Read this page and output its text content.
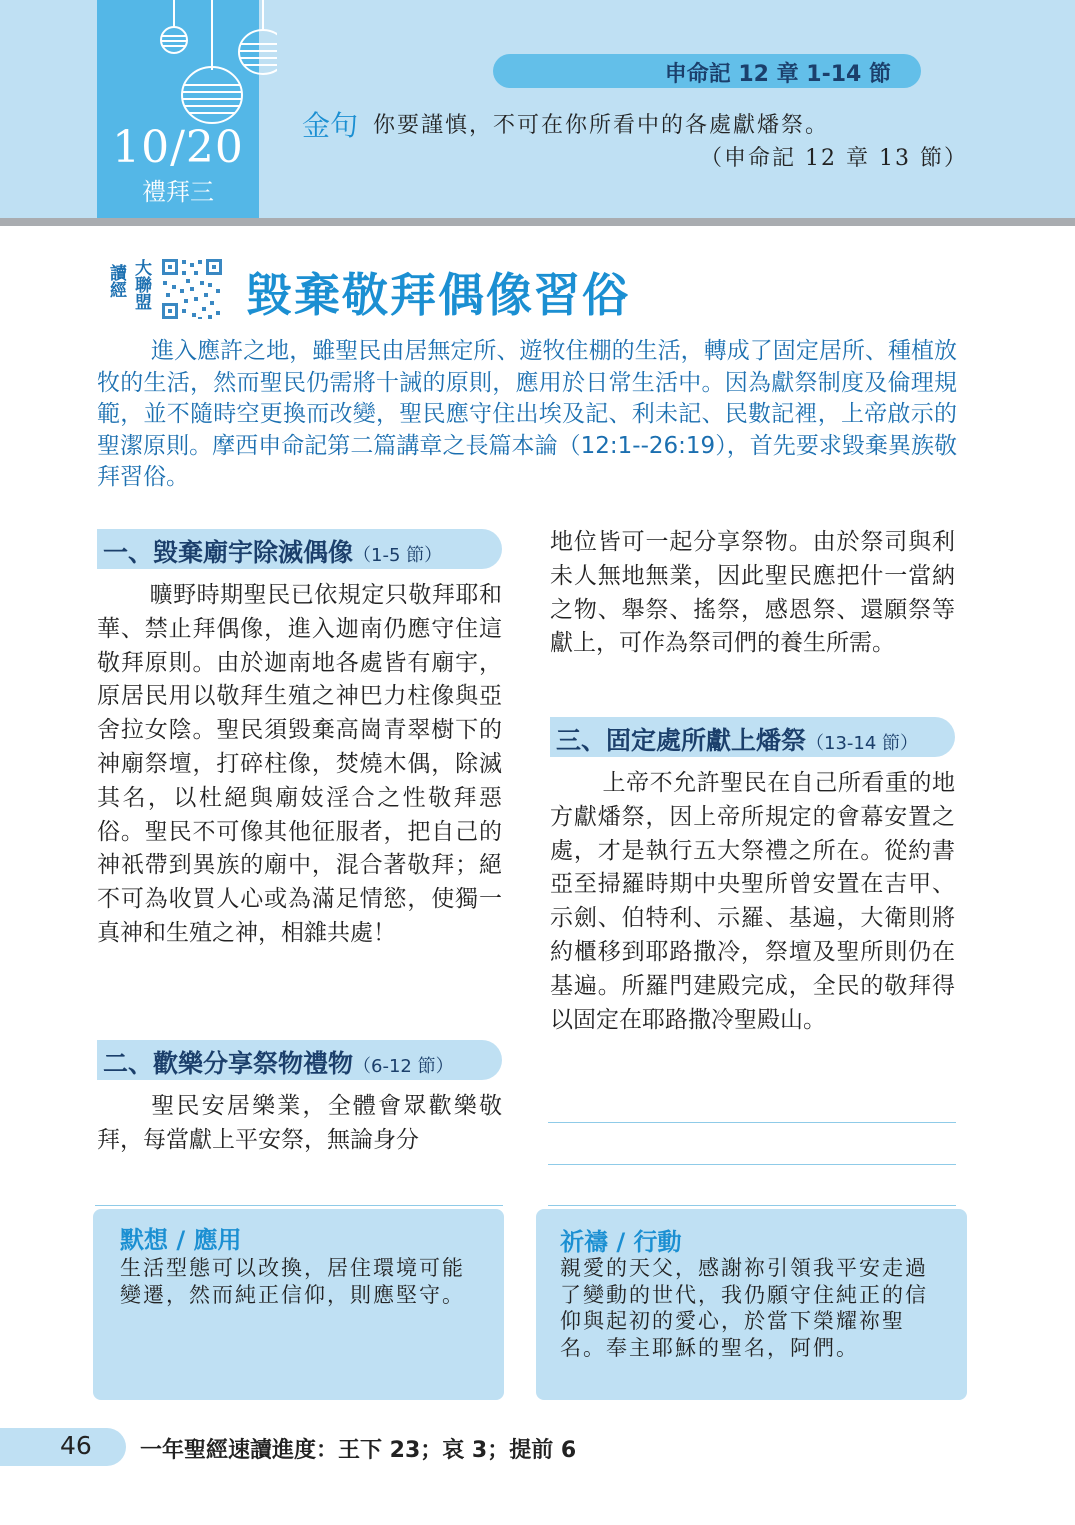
10/20
禮拜三
申命記 12 章 1-14 節
金句 你要謹慎，不可在你所看中的各處獻燔祭。
（申命記 12 章 13 節）
大聯盟
讀經	毀棄敬拜偶像習俗
進入應許之地，雖聖民由居無定所、遊牧住棚的生活，轉成了固定居所、種植放牧的生活，然而聖民仍需將十誡的原則，應用於日常生活中。因為獻祭制度及倫理規範，並不隨時空更換而改變，聖民應守住出埃及記、利未記、民數記裡，上帝啟示的聖潔原則。摩西申命記第二篇講章之長篇本論（12:1--26:19），首先要求毀棄異族敬拜習俗。
一、毀棄廟宇除滅偶像（1-5 節）

曠野時期聖民已依規定只敬拜耶和華、禁止拜偶像，進入迦南仍應守住這敬拜原則。由於迦南地各處皆有廟宇，原居民用以敬拜生殖之神巴力柱像與亞舍拉女陰。聖民須毀棄高崗青翠樹下的神廟祭壇，打碎柱像，焚燒木偶，除滅其名，以杜絕與廟妓淫合之性敬拜惡俗。聖民不可像其他征服者，把自己的神祇帶到異族的廟中，混合著敬拜；絕不可為收買人心或為滿足情慾，使獨一真神和生殖之神，相雜共處！

二、歡樂分享祭物禮物（6-12 節）

聖民安居樂業，全體會眾歡樂敬拜，每當獻上平安祭，無論身分

地位皆可一起分享祭物。由於祭司與利未人無地無業，因此聖民應把什一當納之物、舉祭、搖祭，感恩祭、還願祭等獻上，可作為祭司們的養生所需。

三、固定處所獻上燔祭（13-14 節）

上帝不允許聖民在自己所看重的地方獻燔祭，因上帝所規定的會幕安置之處，才是執行五大祭禮之所在。從約書亞至掃羅時期中央聖所曾安置在吉甲、示劍、伯特利、示羅、基遍，大衛則將約櫃移到耶路撒冷，祭壇及聖所則仍在基遍。所羅門建殿完成，全民的敬拜得以固定在耶路撒冷聖殿山。

默想 / 應用
生活型態可以改換，居住環境可能變遷，然而純正信仰，則應堅守。
祈禱 / 行動
親愛的天父，感謝祢引領我平安走過了變動的世代，我仍願守住純正的信仰與起初的愛心，於當下榮耀祢聖名。奉主耶穌的聖名，阿們。
46 一年聖經速讀進度：王下 23；哀 3；提前 6
